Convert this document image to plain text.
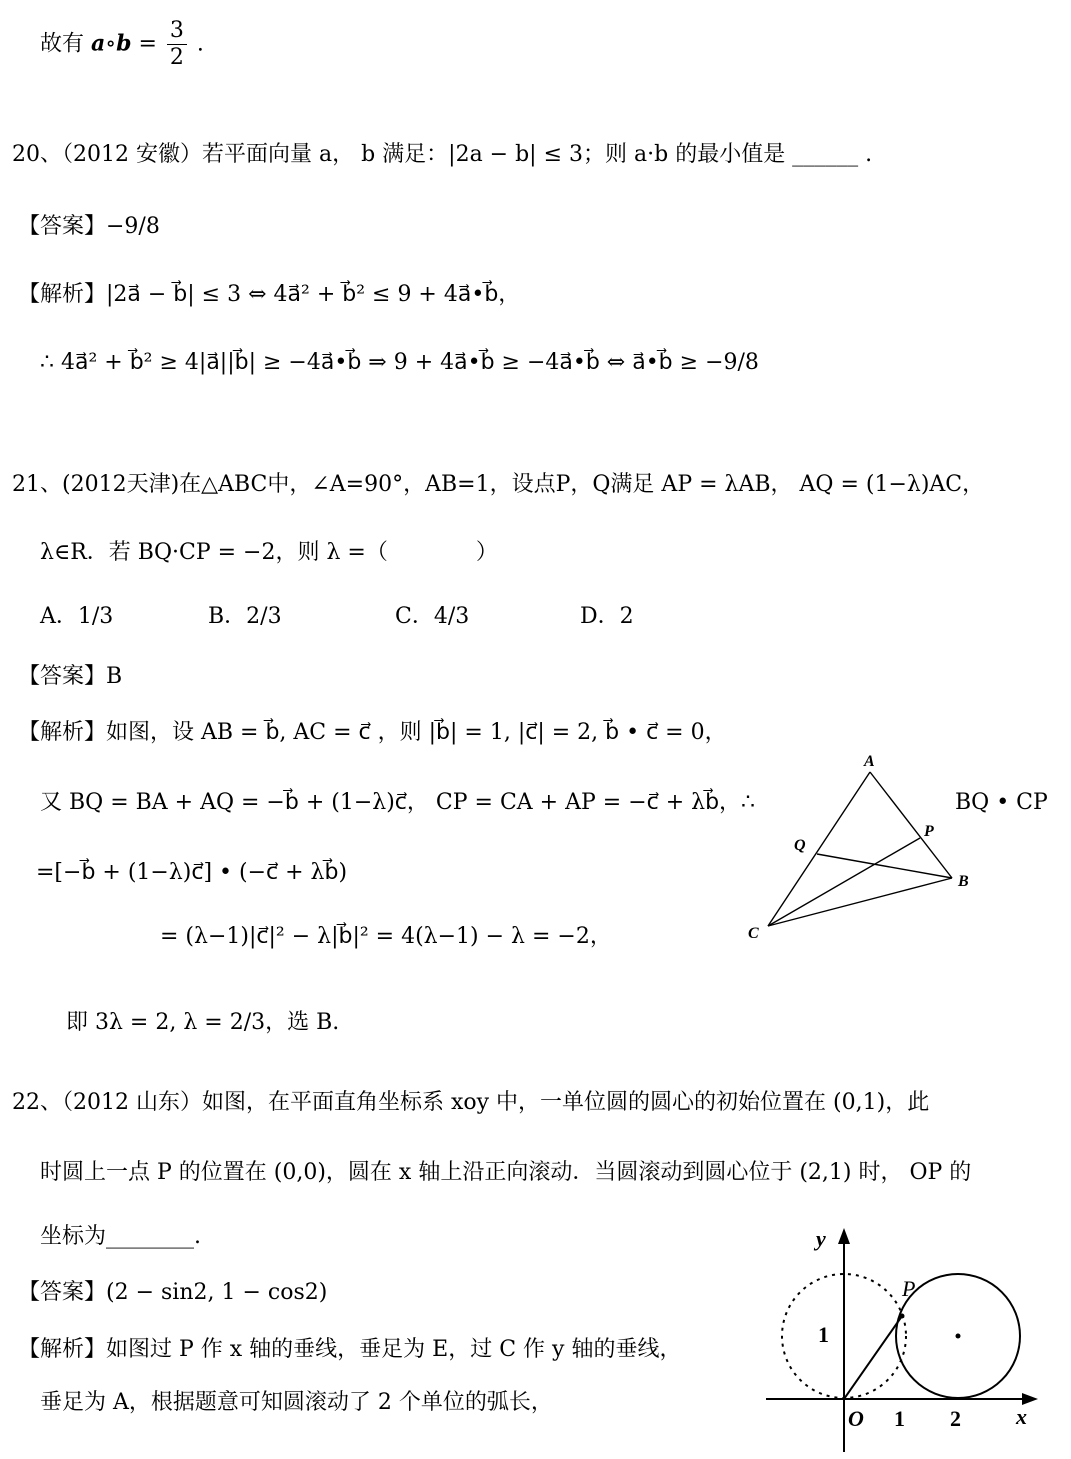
故有 a∘b = $\frac{3}{2}$ .
20、（2012 安徽）若平面向量 a， b 满足：|2a − b| ≤ 3；则 a·b 的最小值是 ______ .
【答案】−9/8
【解析】|2a⃗ − b⃗| ≤ 3 ⇔ 4a⃗² + b⃗² ≤ 9 + 4a⃗•b⃗，
∴ 4a⃗² + b⃗² ≥ 4|a⃗||b⃗| ≥ −4a⃗•b⃗ ⇒ 9 + 4a⃗•b⃗ ≥ −4a⃗•b⃗ ⇔ a⃗•b⃗ ≥ −9/8
21、(2012天津)在△ABC中，∠A=90°，AB=1，设点P，Q满足 AP = λAB， AQ = (1−λ)AC，
λ∈R．若 BQ·CP = −2，则 λ =（　　　　）
A．1/3	B．2/3	C．4/3	D．2
【答案】B
【解析】如图，设 AB = b⃗, AC = c⃗ ，则 |b⃗| = 1, |c⃗| = 2, b⃗ • c⃗ = 0，
又 BQ = BA + AQ = −b⃗ + (1−λ)c⃗， CP = CA + AP = −c⃗ + λb⃗，∴	BQ • CP
=[−b⃗ + (1−λ)c⃗] • (−c⃗ + λb⃗)
= (λ−1)|c⃗|² − λ|b⃗|² = 4(λ−1) − λ = −2，
即 3λ = 2, λ = 2/3，选 B.
A
P
Q
B
C
22、（2012 山东）如图，在平面直角坐标系 xoy 中，一单位圆的圆心的初始位置在 (0,1)，此
时圆上一点 P 的位置在 (0,0)，圆在 x 轴上沿正向滚动．当圆滚动到圆心位于 (2,1) 时， OP 的
坐标为________.
【答案】(2 − sin2, 1 − cos2)
【解析】如图过 P 作 x 轴的垂线，垂足为 E，过 C 作 y 轴的垂线，
垂足为 A，根据题意可知圆滚动了 2 个单位的弧长，
y
P
1
O 1 2	x
